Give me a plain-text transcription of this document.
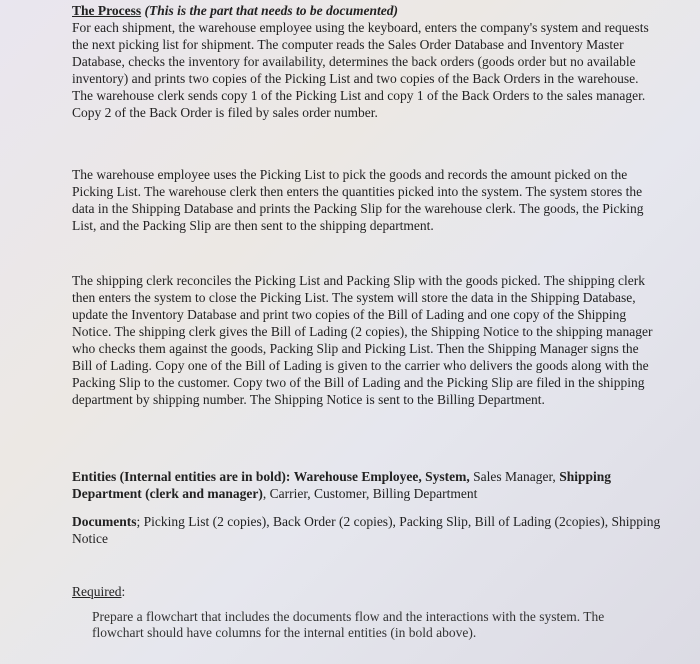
The Process (This is the part that needs to be documented)
For each shipment, the warehouse employee using the keyboard, enters the company's system and requests the next picking list for shipment. The computer reads the Sales Order Database and Inventory Master Database, checks the inventory for availability, determines the back orders (goods order but no available inventory) and prints two copies of the Picking List and two copies of the Back Orders in the warehouse. The warehouse clerk sends copy 1 of the Picking List and copy 1 of the Back Orders to the sales manager. Copy 2 of the Back Order is filed by sales order number.
The warehouse employee uses the Picking List to pick the goods and records the amount picked on the Picking List. The warehouse clerk then enters the quantities picked into the system. The system stores the data in the Shipping Database and prints the Packing Slip for the warehouse clerk. The goods, the Picking List, and the Packing Slip are then sent to the shipping department.
The shipping clerk reconciles the Picking List and Packing Slip with the goods picked. The shipping clerk then enters the system to close the Picking List. The system will store the data in the Shipping Database, update the Inventory Database and print two copies of the Bill of Lading and one copy of the Shipping Notice. The shipping clerk gives the Bill of Lading (2 copies), the Shipping Notice to the shipping manager who checks them against the goods, Packing Slip and Picking List. Then the Shipping Manager signs the Bill of Lading. Copy one of the Bill of Lading is given to the carrier who delivers the goods along with the Packing Slip to the customer. Copy two of the Bill of Lading and the Picking Slip are filed in the shipping department by shipping number. The Shipping Notice is sent to the Billing Department.
Entities (Internal entities are in bold): Warehouse Employee, System, Sales Manager, Shipping Department (clerk and manager), Carrier, Customer, Billing Department
Documents; Picking List (2 copies), Back Order (2 copies), Packing Slip, Bill of Lading (2copies), Shipping Notice
Required:
Prepare a flowchart that includes the documents flow and the interactions with the system. The flowchart should have columns for the internal entities (in bold above).
